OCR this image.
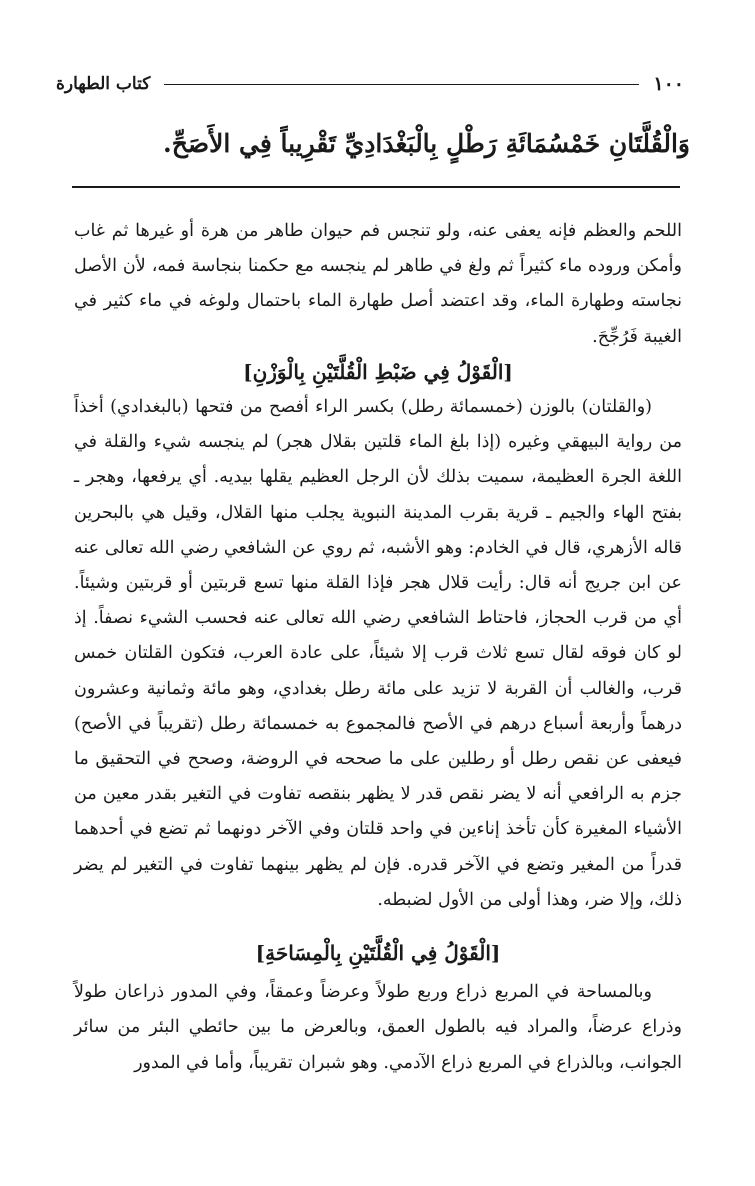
١٠٠
كتاب الطهارة
وَالْقُلَّتَانِ خَمْسُمَائَةِ رَطْلٍ بِالْبَغْدَادِيِّ تَقْرِيباً فِي الأَصَحِّ.

اللحم والعظم فإنه يعفى عنه، ولو تنجس فم حيوان طاهر من هرة أو غيرها ثم غاب وأمكن وروده ماء كثيراً ثم ولغ في طاهر لم ينجسه مع حكمنا بنجاسة فمه، لأن الأصل نجاسته وطهارة الماء، وقد اعتضد أصل طهارة الماء باحتمال ولوغه في ماء كثير في الغيبة فَرُجِّحَ.

[الْقَوْلُ فِي ضَبْطِ الْقُلَّتَيْنِ بِالْوَزْنِ]

(والقلتان) بالوزن (خمسمائة رطل) بكسر الراء أفصح من فتحها (بالبغدادي) أخذاً من رواية البيهقي وغيره (إذا بلغ الماء قلتين بقلال هجر) لم ينجسه شيء والقلة في اللغة الجرة العظيمة، سميت بذلك لأن الرجل العظيم يقلها بيديه. أي يرفعها، وهجر ـ بفتح الهاء والجيم ـ قرية بقرب المدينة النبوية يجلب منها القلال، وقيل هي بالبحرين قاله الأزهري، قال في الخادم: وهو الأشبه، ثم روي عن الشافعي رضي الله تعالى عنه عن ابن جريج أنه قال: رأيت قلال هجر فإذا القلة منها تسع قربتين أو قربتين وشيئاً. أي من قرب الحجاز، فاحتاط الشافعي رضي الله تعالى عنه فحسب الشيء نصفاً. إذ لو كان فوقه لقال تسع ثلاث قرب إلا شيئاً، على عادة العرب، فتكون القلتان خمس قرب، والغالب أن القربة لا تزيد على مائة رطل بغدادي، وهو مائة وثمانية وعشرون درهماً وأربعة أسباع درهم في الأصح فالمجموع به خمسمائة رطل (تقريباً في الأصح) فيعفى عن نقص رطل أو رطلين على ما صححه في الروضة، وصحح في التحقيق ما جزم به الرافعي أنه لا يضر نقص قدر لا يظهر بنقصه تفاوت في التغير بقدر معين من الأشياء المغيرة كأن تأخذ إناءين في واحد قلتان وفي الآخر دونهما ثم تضع في أحدهما قدراً من المغير وتضع في الآخر قدره. فإن لم يظهر بينهما تفاوت في التغير لم يضر ذلك، وإلا ضر، وهذا أولى من الأول لضبطه.

[الْقَوْلُ فِي الْقُلَّتَيْنِ بِالْمِسَاحَةِ]

وبالمساحة في المربع ذراع وربع طولاً وعرضاً وعمقاً، وفي المدور ذراعان طولاً وذراع عرضاً، والمراد فيه بالطول العمق، وبالعرض ما بين حائطي البئر من سائر الجوانب، وبالذراع في المربع ذراع الآدمي. وهو شبران تقريباً، وأما في المدور
